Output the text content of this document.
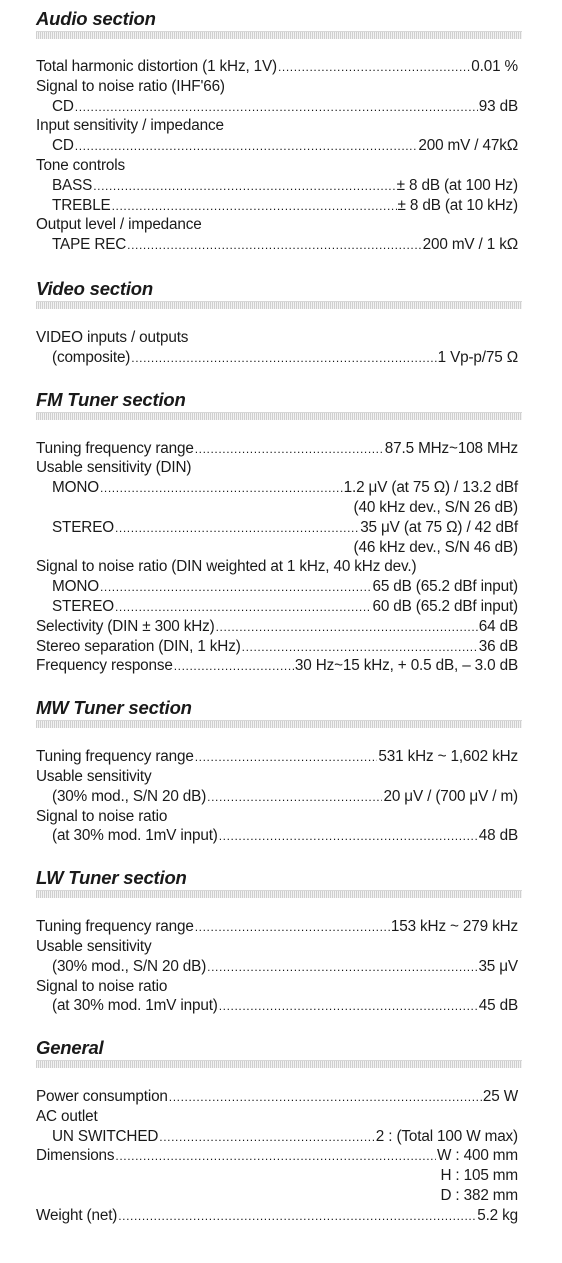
Audio section
Total harmonic distortion (1 kHz, 1V) .....	0.01 %
Signal to noise ratio (IHF'66)
CD .....	93 dB
Input sensitivity / impedance
CD .....	200 mV / 47kΩ
Tone controls
BASS .....	± 8 dB (at 100 Hz)
TREBLE .....	± 8 dB (at 10 kHz)
Output level / impedance
TAPE REC .....	200 mV / 1 kΩ
Video section
VIDEO inputs / outputs
(composite) .....	1 Vp-p/75 Ω
FM Tuner section
Tuning frequency range .....	87.5 MHz~108 MHz
Usable sensitivity (DIN)
MONO .....	1.2 μV (at 75 Ω) / 13.2 dBf
(40 kHz dev., S/N 26 dB)
STEREO .....	35 μV (at 75 Ω) / 42 dBf
(46 kHz dev., S/N 46 dB)
Signal to noise ratio (DIN weighted at 1 kHz, 40 kHz dev.)
MONO .....	65 dB (65.2 dBf input)
STEREO .....	60 dB (65.2 dBf input)
Selectivity (DIN ± 300 kHz) .....	64 dB
Stereo separation (DIN, 1 kHz) .....	36 dB
Frequency response .....	30 Hz~15 kHz, + 0.5 dB, – 3.0 dB
MW Tuner section
Tuning frequency range .....	531 kHz ~ 1,602 kHz
Usable sensitivity
(30% mod., S/N 20 dB) .....	20 μV / (700 μV / m)
Signal to noise ratio
(at 30% mod. 1mV input) .....	48 dB
LW Tuner section
Tuning frequency range .....	153 kHz ~ 279 kHz
Usable sensitivity
(30% mod., S/N 20 dB) .....	35 μV
Signal to noise ratio
(at 30% mod. 1mV input) .....	45 dB
General
Power consumption .....	25 W
AC outlet
UN SWITCHED .....	2 : (Total 100 W max)
Dimensions .....	W : 400 mm
H : 105 mm
D : 382 mm
Weight (net) .....	5.2 kg
